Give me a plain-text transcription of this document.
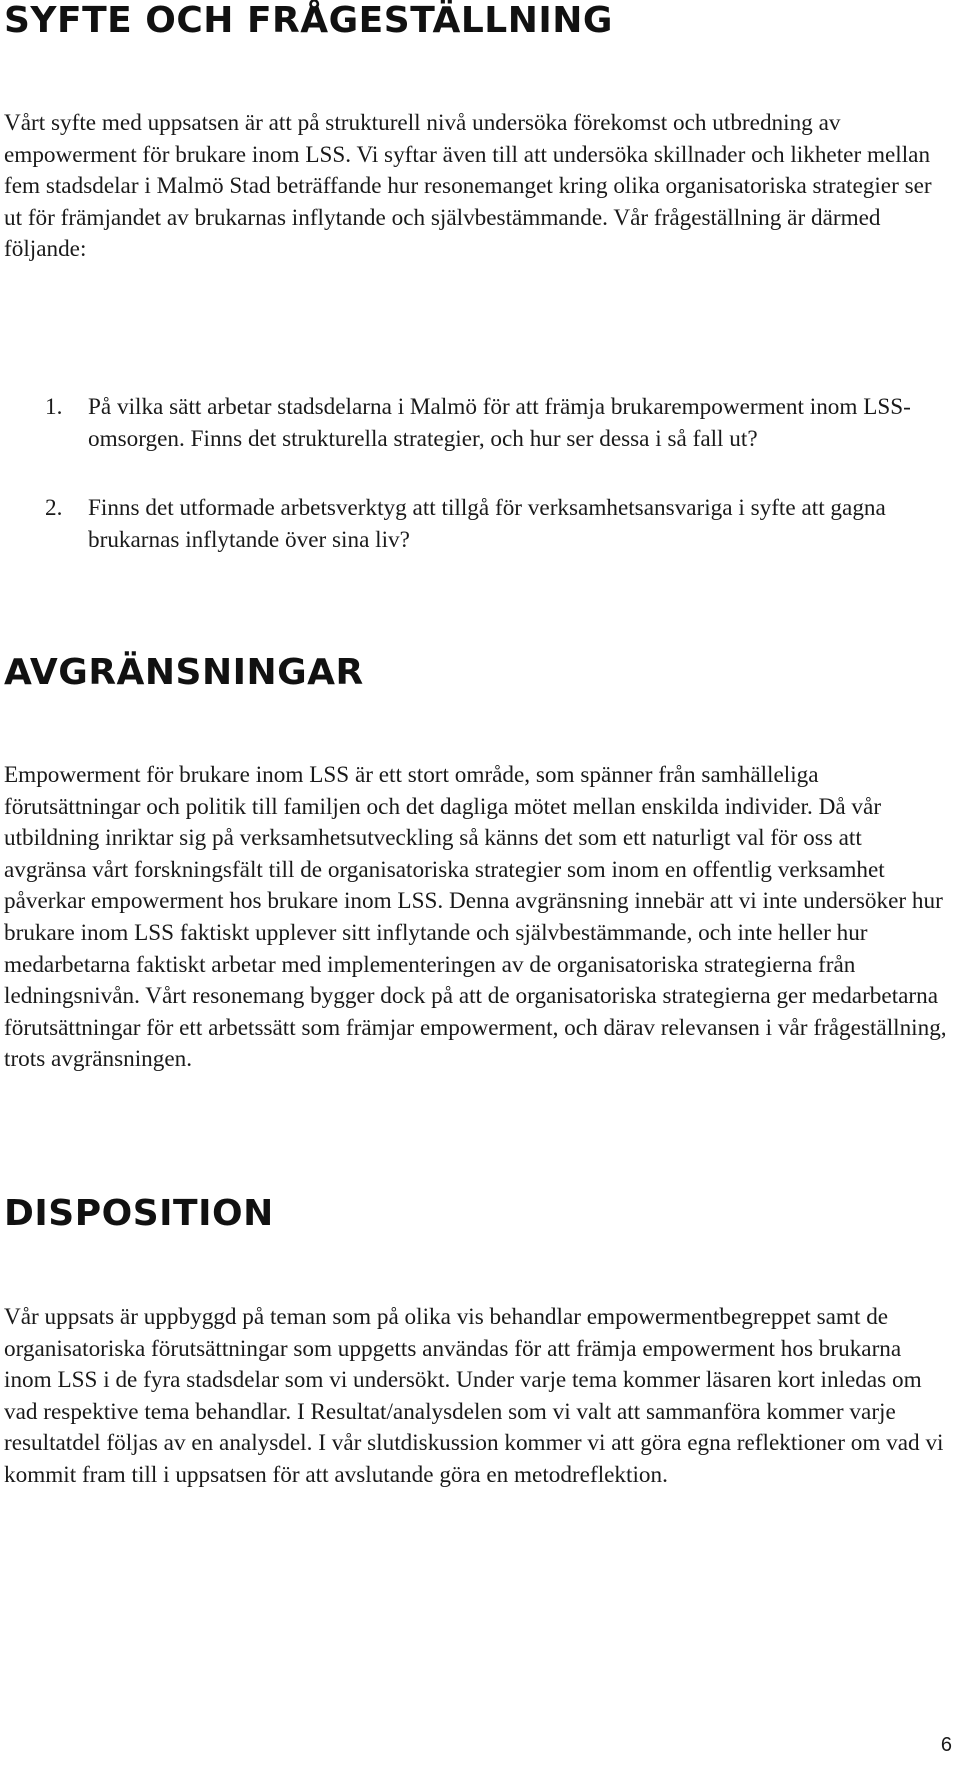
SYFTE OCH FRÅGESTÄLLNING

Vårt syfte med uppsatsen är att på strukturell nivå undersöka förekomst och utbredning av empowerment för brukare inom LSS. Vi syftar även till att undersöka skillnader och likheter mellan fem stadsdelar i Malmö Stad beträffande hur resonemanget kring olika organisatoriska strategier ser ut för främjandet av brukarnas inflytande och självbestämmande. Vår frågeställning är därmed följande:

1. På vilka sätt arbetar stadsdelarna i Malmö för att främja brukarempowerment inom LSS-omsorgen. Finns det strukturella strategier, och hur ser dessa i så fall ut?
2. Finns det utformade arbetsverktyg att tillgå för verksamhetsansvariga i syfte att gagna brukarnas inflytande över sina liv?
AVGRÄNSNINGAR

Empowerment för brukare inom LSS är ett stort område, som spänner från samhälleliga förutsättningar och politik till familjen och det dagliga mötet mellan enskilda individer. Då vår utbildning inriktar sig på verksamhetsutveckling så känns det som ett naturligt val för oss att avgränsa vårt forskningsfält till de organisatoriska strategier som inom en offentlig verksamhet påverkar empowerment hos brukare inom LSS. Denna avgränsning innebär att vi inte undersöker hur brukare inom LSS faktiskt upplever sitt inflytande och självbestämmande, och inte heller hur medarbetarna faktiskt arbetar med implementeringen av de organisatoriska strategierna från ledningsnivån. Vårt resonemang bygger dock på att de organisatoriska strategierna ger medarbetarna förutsättningar för ett arbetssätt som främjar empowerment, och därav relevansen i vår frågeställning, trots avgränsningen.

DISPOSITION

Vår uppsats är uppbyggd på teman som på olika vis behandlar empowermentbegreppet samt de organisatoriska förutsättningar som uppgetts användas för att främja empowerment hos brukarna inom LSS i de fyra stadsdelar som vi undersökt. Under varje tema kommer läsaren kort inledas om vad respektive tema behandlar. I Resultat/analysdelen som vi valt att sammanföra kommer varje resultatdel följas av en analysdel. I vår slutdiskussion kommer vi att göra egna reflektioner om vad vi kommit fram till i uppsatsen för att avslutande göra en metodreflektion.

6
